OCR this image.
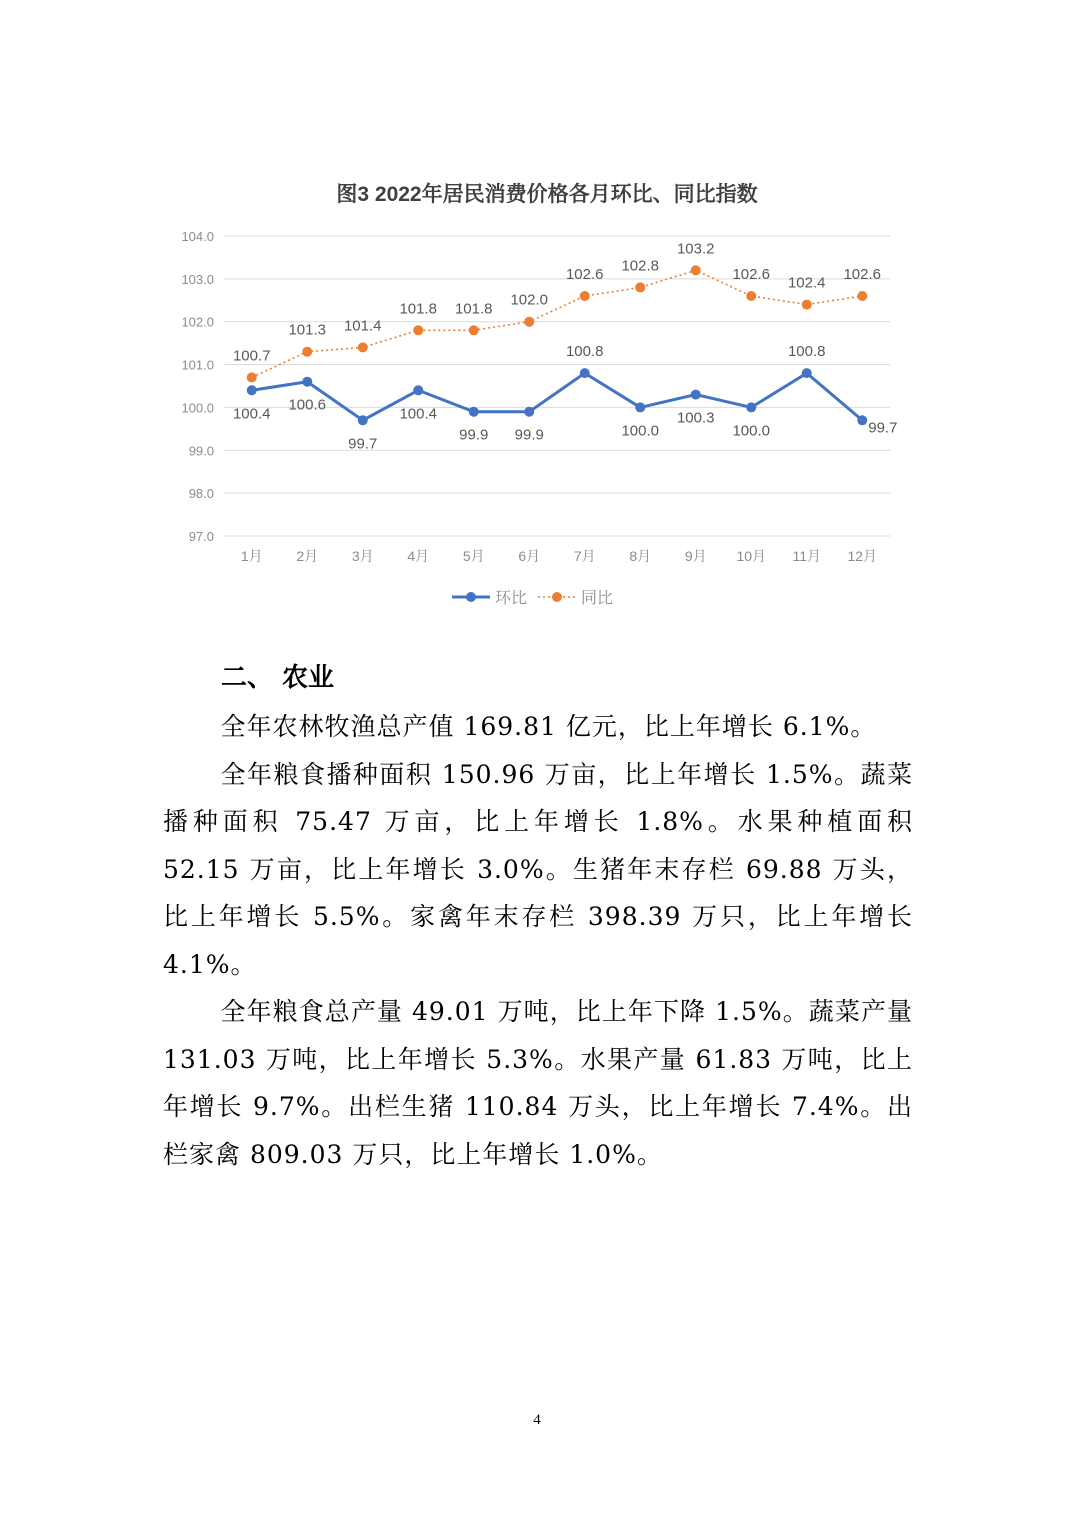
图3 2022年居民消费价格各月环比、同比指数
97.0
98.0
99.0
100.0
101.0
102.0
103.0
104.0
1月 2月 3月 4月 5月 6月 7月 8月 9月 10月 11月 12月
100.4
100.6
99.7
100.4
99.9 99.9
100.8
100.0
100.3
100.0
100.8
99.7
100.7
101.3 101.4
101.8 101.8
102.0
102.6
102.8
103.2
102.6
102.4
102.6
环比	同比
二、 农业

全年农林牧渔总产值 169.81 亿元，比上年增长 6.1%。

全年粮食播种面积 150.96 万亩，比上年增长 1.5%。蔬菜播种面积 75.47 万亩，比上年增长 1.8%。水果种植面积 52.15 万亩，比上年增长 3.0%。生猪年末存栏 69.88 万头，比上年增长 5.5%。家禽年末存栏 398.39 万只，比上年增长 4.1%。

全年粮食总产量 49.01 万吨，比上年下降 1.5%。蔬菜产量 131.03 万吨，比上年增长 5.3%。水果产量 61.83 万吨，比上年增长 9.7%。出栏生猪 110.84 万头，比上年增长 7.4%。出栏家禽 809.03 万只，比上年增长 1.0%。

4
